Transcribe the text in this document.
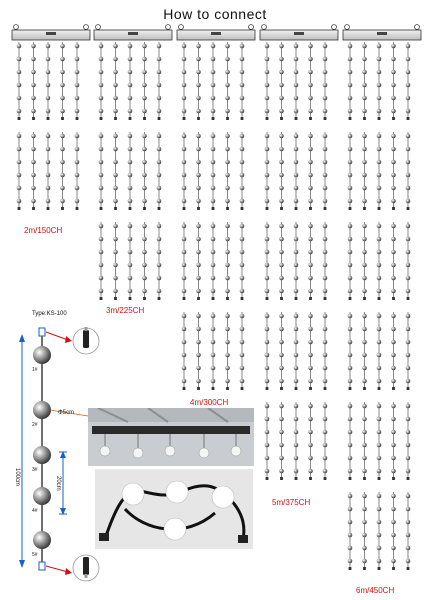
How to connect
1#
2#
3#
4#
5#
100cm	20cm
Φ5cm
2m/150CH
3m/225CH
4m/300CH
5m/375CH
6m/450CH
Type:KS-100
